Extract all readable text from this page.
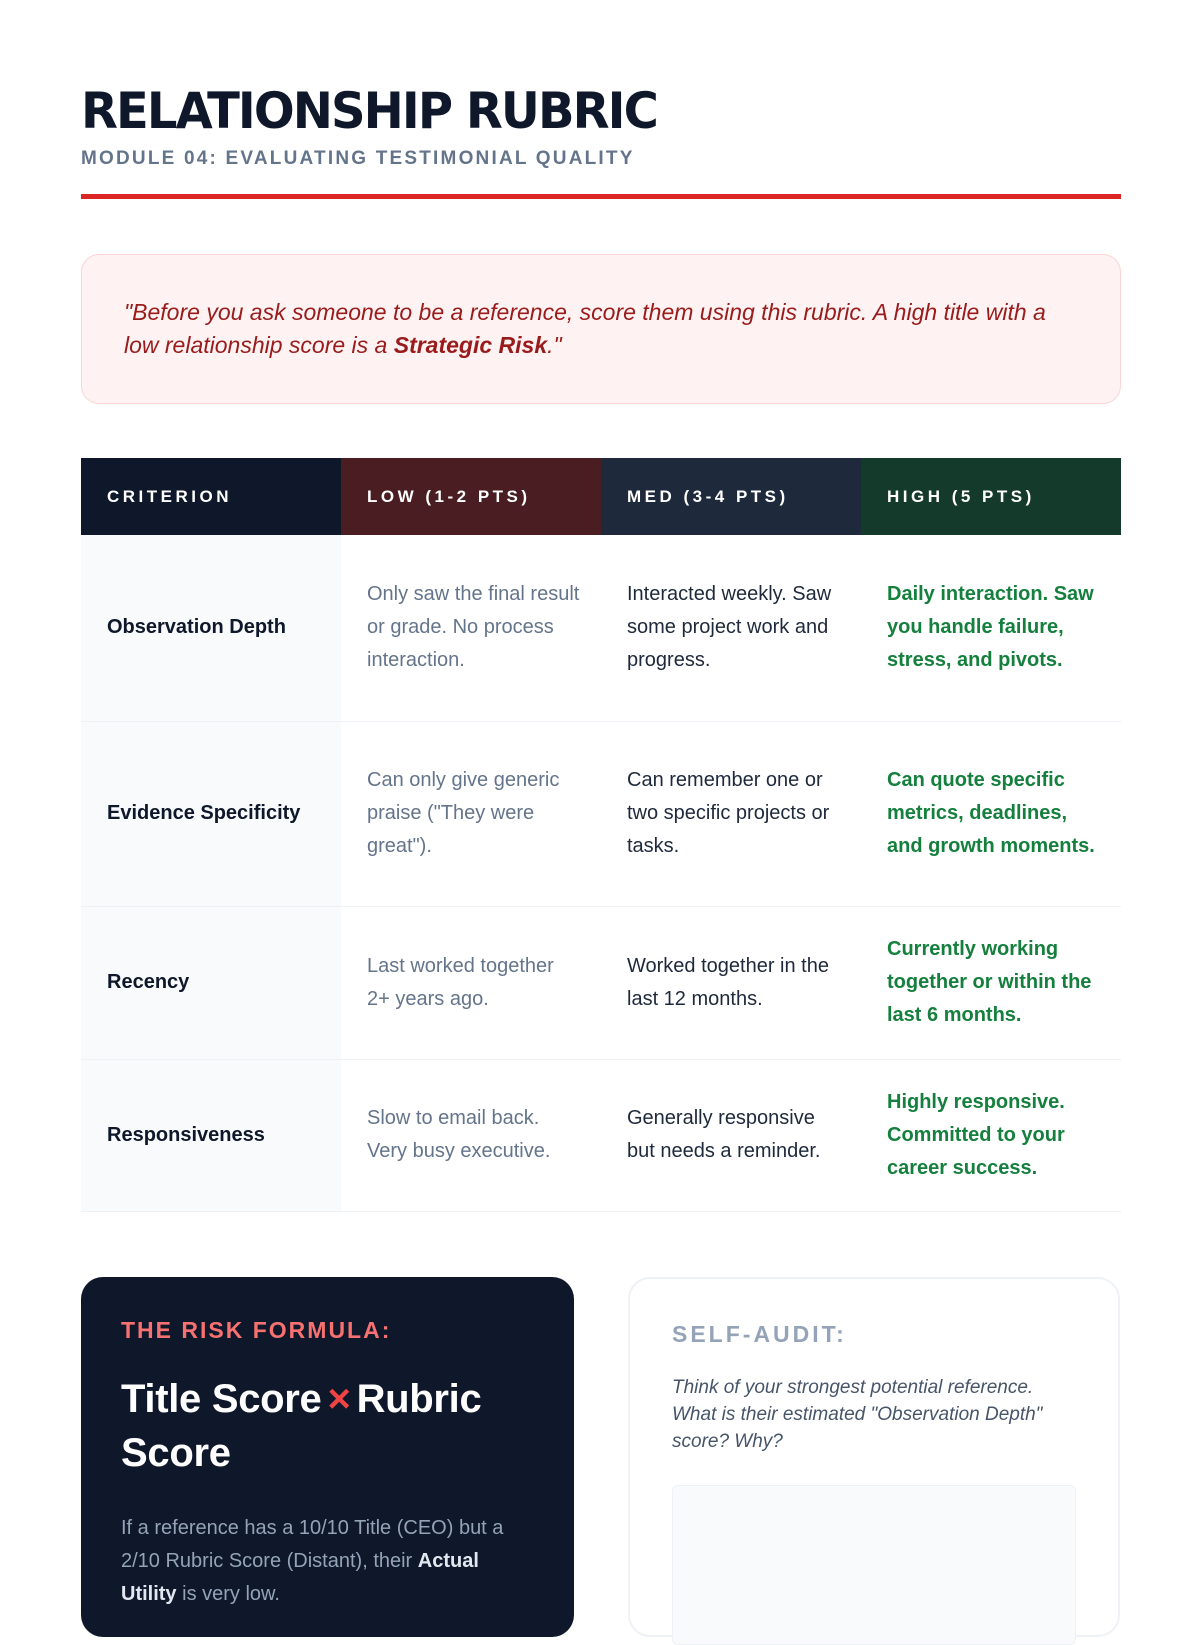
RELATIONSHIP RUBRIC
MODULE 04: EVALUATING TESTIMONIAL QUALITY
"Before you ask someone to be a reference, score them using this rubric. A high title with a low relationship score is a Strategic Risk."
CRITERION	LOW (1-2 PTS)	MED (3-4 PTS)	HIGH (5 PTS)
Observation Depth	Only saw the final result or grade. No process interaction.	Interacted weekly. Saw some project work and progress.	Daily interaction. Saw you handle failure, stress, and pivots.
Evidence Specificity	Can only give generic praise ("They were great").	Can remember one or two specific projects or tasks.	Can quote specific metrics, deadlines, and growth moments.
Recency	Last worked together 2+ years ago.	Worked together in the last 12 months.	Currently working together or within the last 6 months.
Responsiveness	Slow to email back. Very busy executive.	Generally responsive but needs a reminder.	Highly responsive. Committed to your career success.
THE RISK FORMULA:
Title Score × Rubric Score
If a reference has a 10/10 Title (CEO) but a 2/10 Rubric Score (Distant), their Actual Utility is very low.
SELF-AUDIT:
Think of your strongest potential reference. What is their estimated "Observation Depth" score? Why?
